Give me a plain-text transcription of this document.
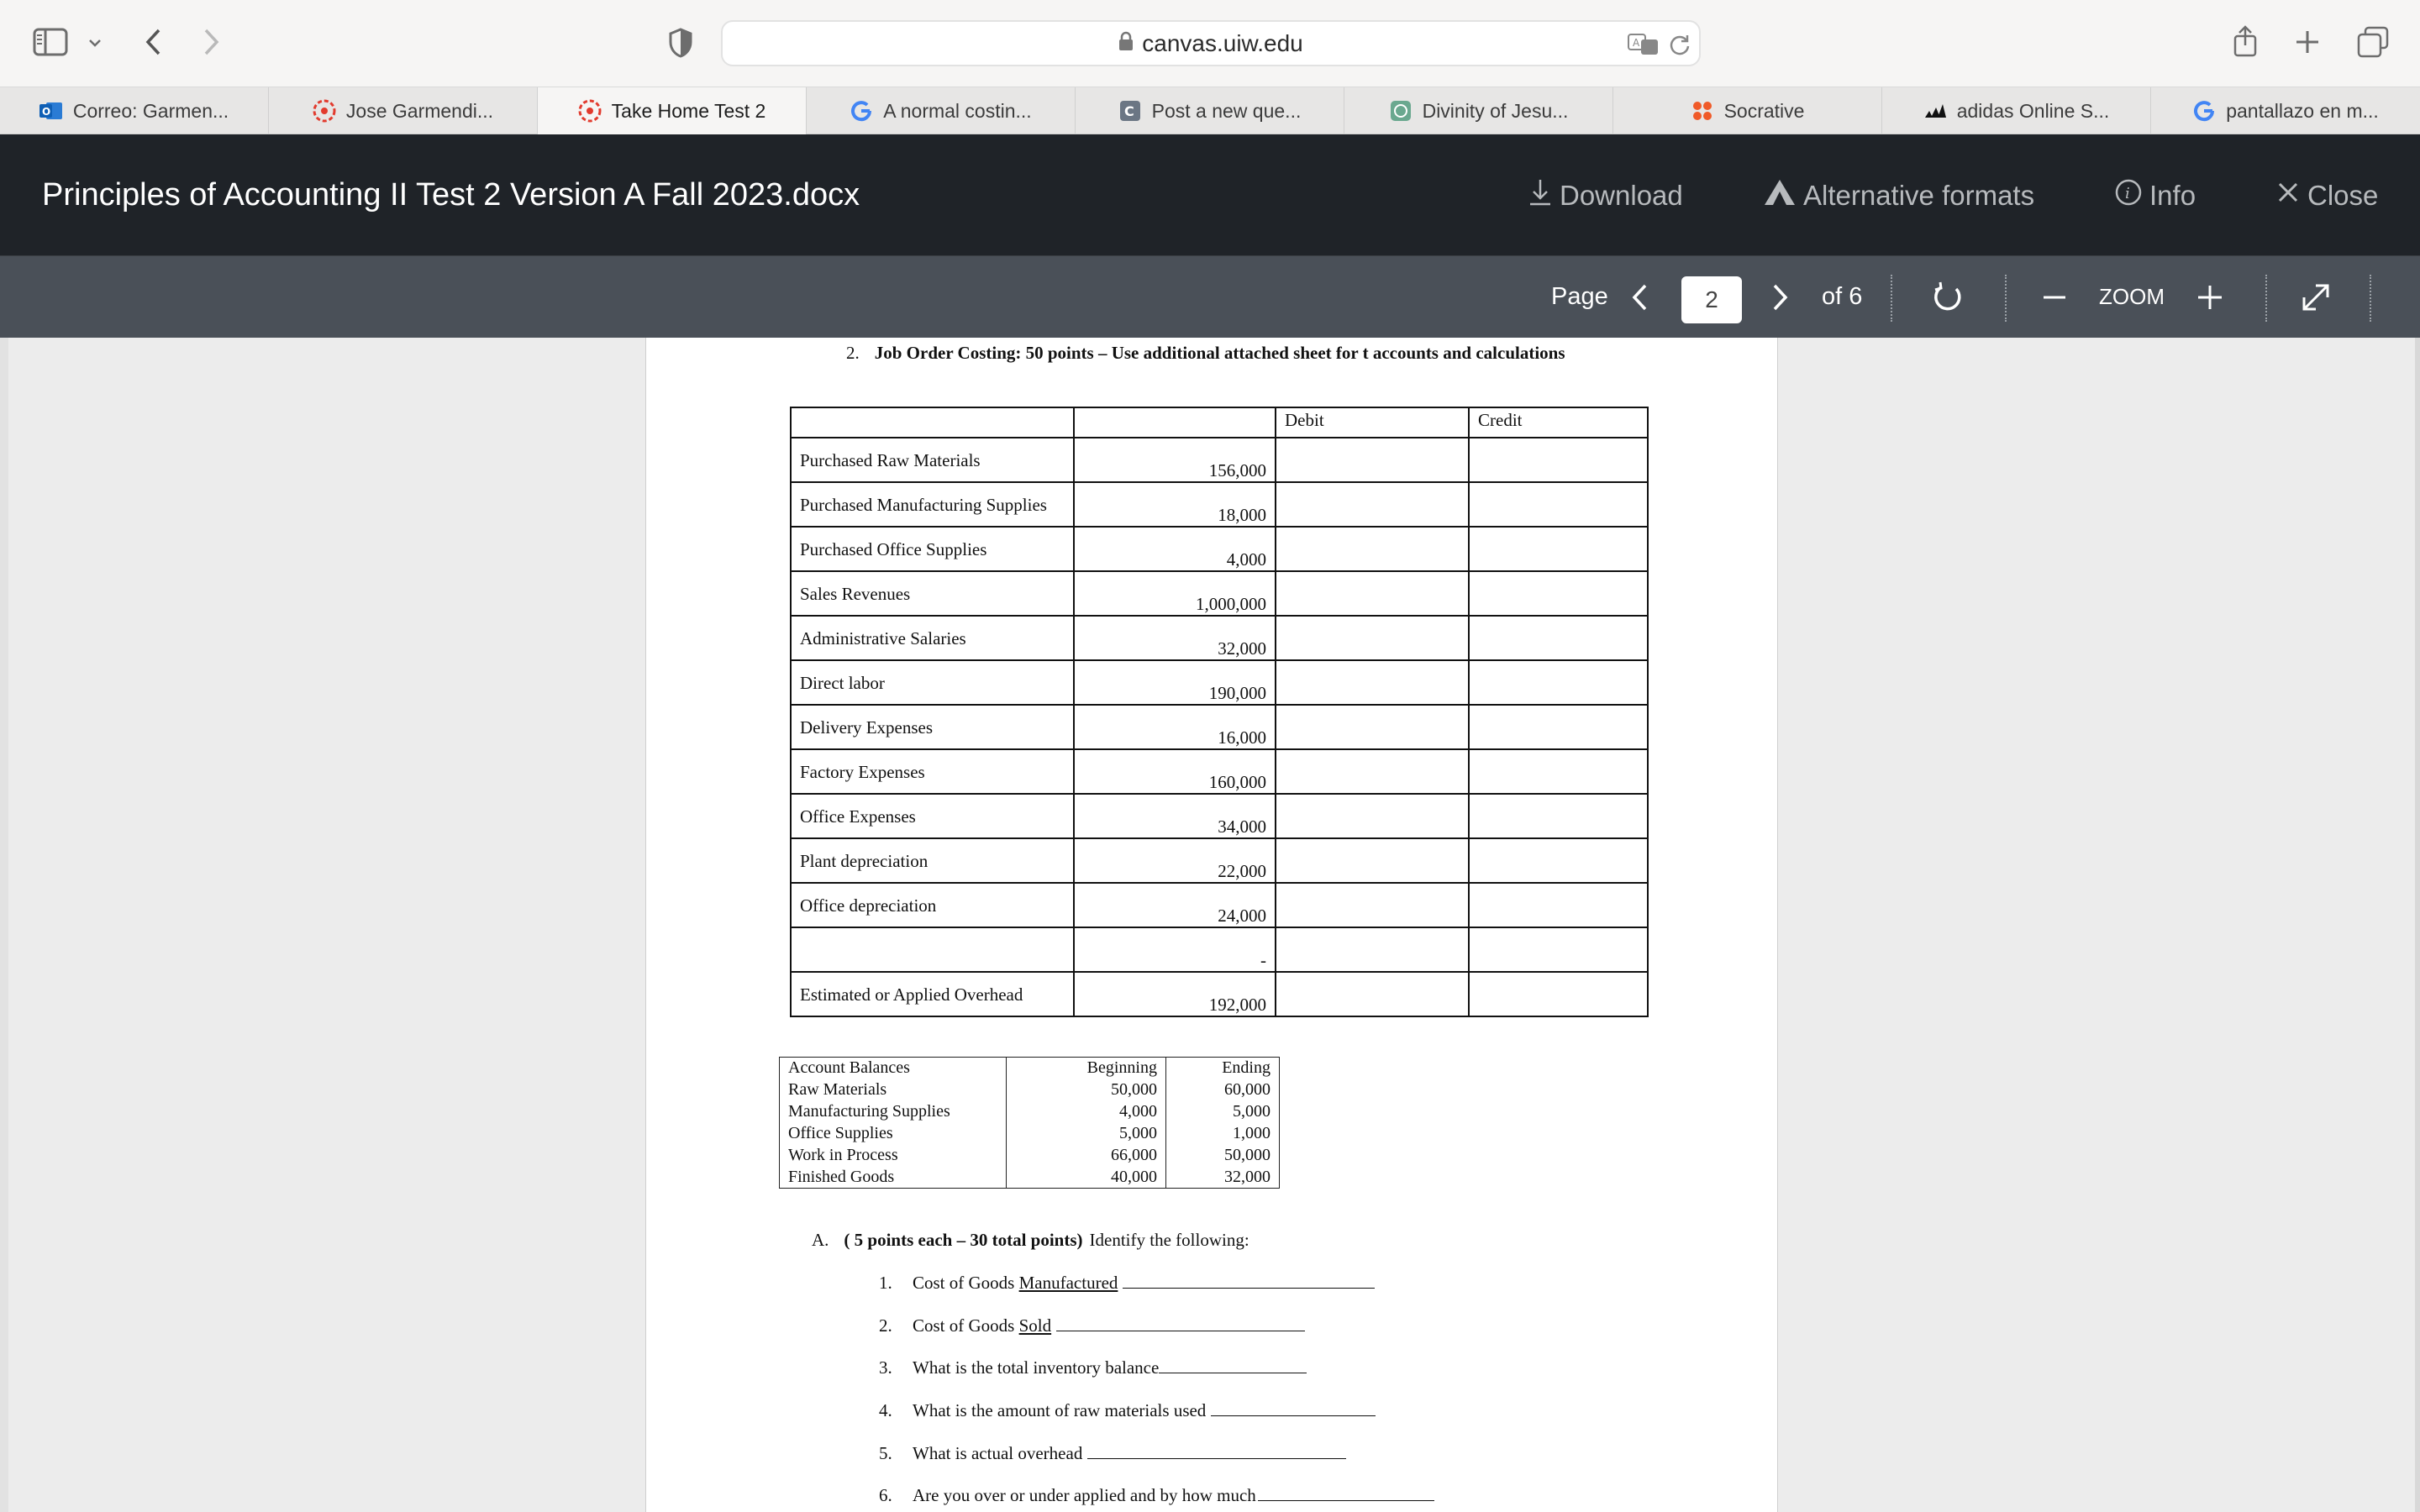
canvas.uiw.edu	A
O Correo: Garmen...	Jose Garmendi...	Take Home Test 2	A normal costin...	C Post a new que...	Divinity of Jesu...	Socrative	adidas Online S...	pantallazo en m...
Principles of Accounting II Test 2 Version A Fall 2023.docx	Download	Alternative formats	i Info	Close
Page	2	of 6	ZOOM
2. Job Order Costing: 50 points – Use additional attached sheet for t accounts and calculations
		Debit	Credit
Purchased Raw Materials	156,000		
Purchased Manufacturing Supplies	18,000		
Purchased Office Supplies	4,000		
Sales Revenues	1,000,000		
Administrative Salaries	32,000		
Direct labor	190,000		
Delivery Expenses	16,000		
Factory Expenses	160,000		
Office Expenses	34,000		
Plant depreciation	22,000		
Office depreciation	24,000		
	-		
Estimated or Applied Overhead	192,000		
Account Balances	Beginning	Ending
Raw Materials	50,000	60,000
Manufacturing Supplies	4,000	5,000
Office Supplies	5,000	1,000
Work in Process	66,000	50,000
Finished Goods	40,000	32,000
A. ( 5 points each – 30 total points) Identify the following:
1. Cost of Goods Manufactured
2. Cost of Goods Sold
3. What is the total inventory balance
4. What is the amount of raw materials used
5. What is actual overhead
6. Are you over or under applied and by how much
